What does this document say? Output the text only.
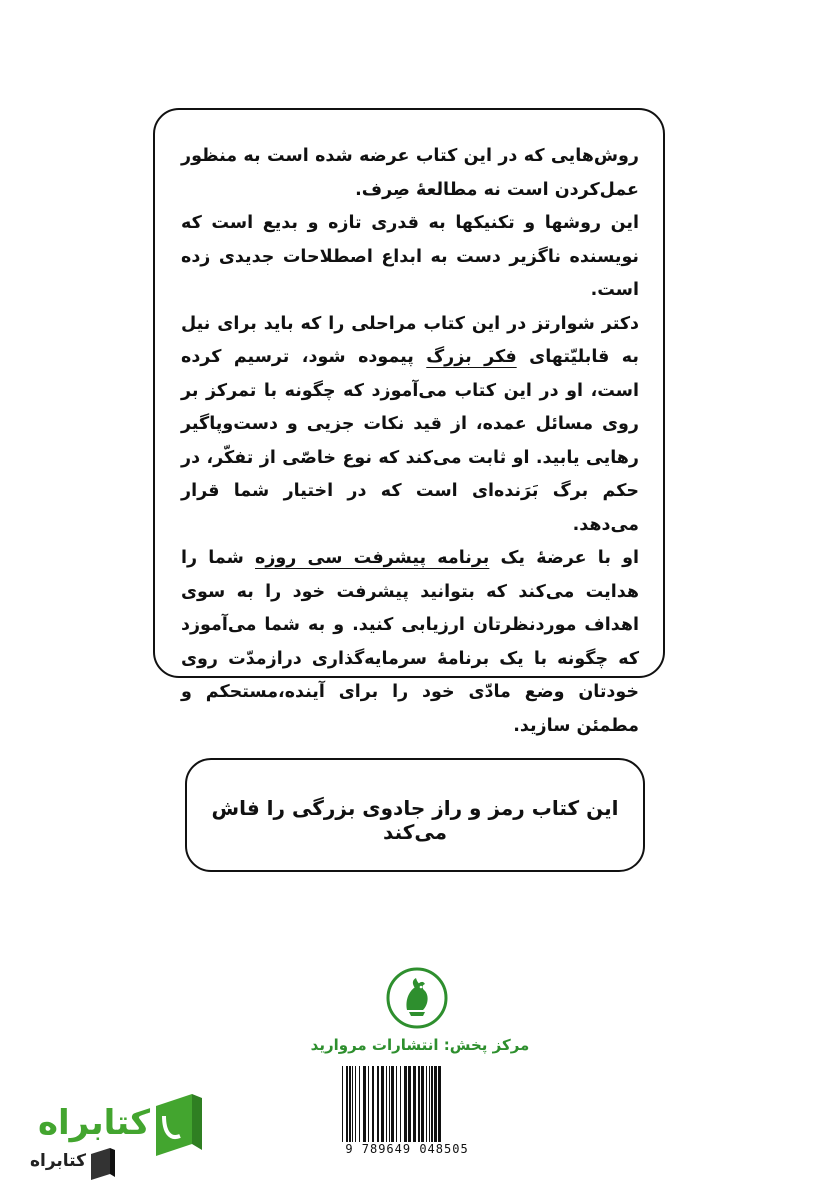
روش‌هایی که در این کتاب عرضه شده است به منظور عمل‌کردن است نه مطالعهٔ صِرف.

این روشها و تکنیکها به قدری تازه و بدیع است که نویسنده ناگزیر دست به ابداع اصطلاحات جدیدی زده است.

دکتر شوارتز در این کتاب مراحلی را که باید برای نیل به قابلیّتهای فکر بزرگ پیموده شود، ترسیم کرده است، او در این کتاب می‌آموزد که چگونه با تمرکز بر روی مسائل عمده، از قید نکات جزیی و دست‌وپاگیر رهایی یابید. او ثابت می‌کند که نوع خاصّی از تفکّر، در حکم برگ بَرَنده‌ای است که در اختیار شما قرار می‌دهد.

او با عرضهٔ یک برنامه پیشرفت سی روزه شما را هدایت می‌کند که بتوانید پیشرفت خود را به سوی اهداف موردنظرتان ارزیابی کنید. و به شما می‌آموزد که چگونه با یک برنامهٔ سرمایه‌گذاری درازمدّت روی خودتان وضع مادّی خود را برای آینده،مستحکم و مطمئن سازید.

این کتاب رمز و راز جادوی بزرگی را فاش می‌کند
مرکز پخش: انتشارات مروارید
9 789649 048505
کتابراه
کتابراه
